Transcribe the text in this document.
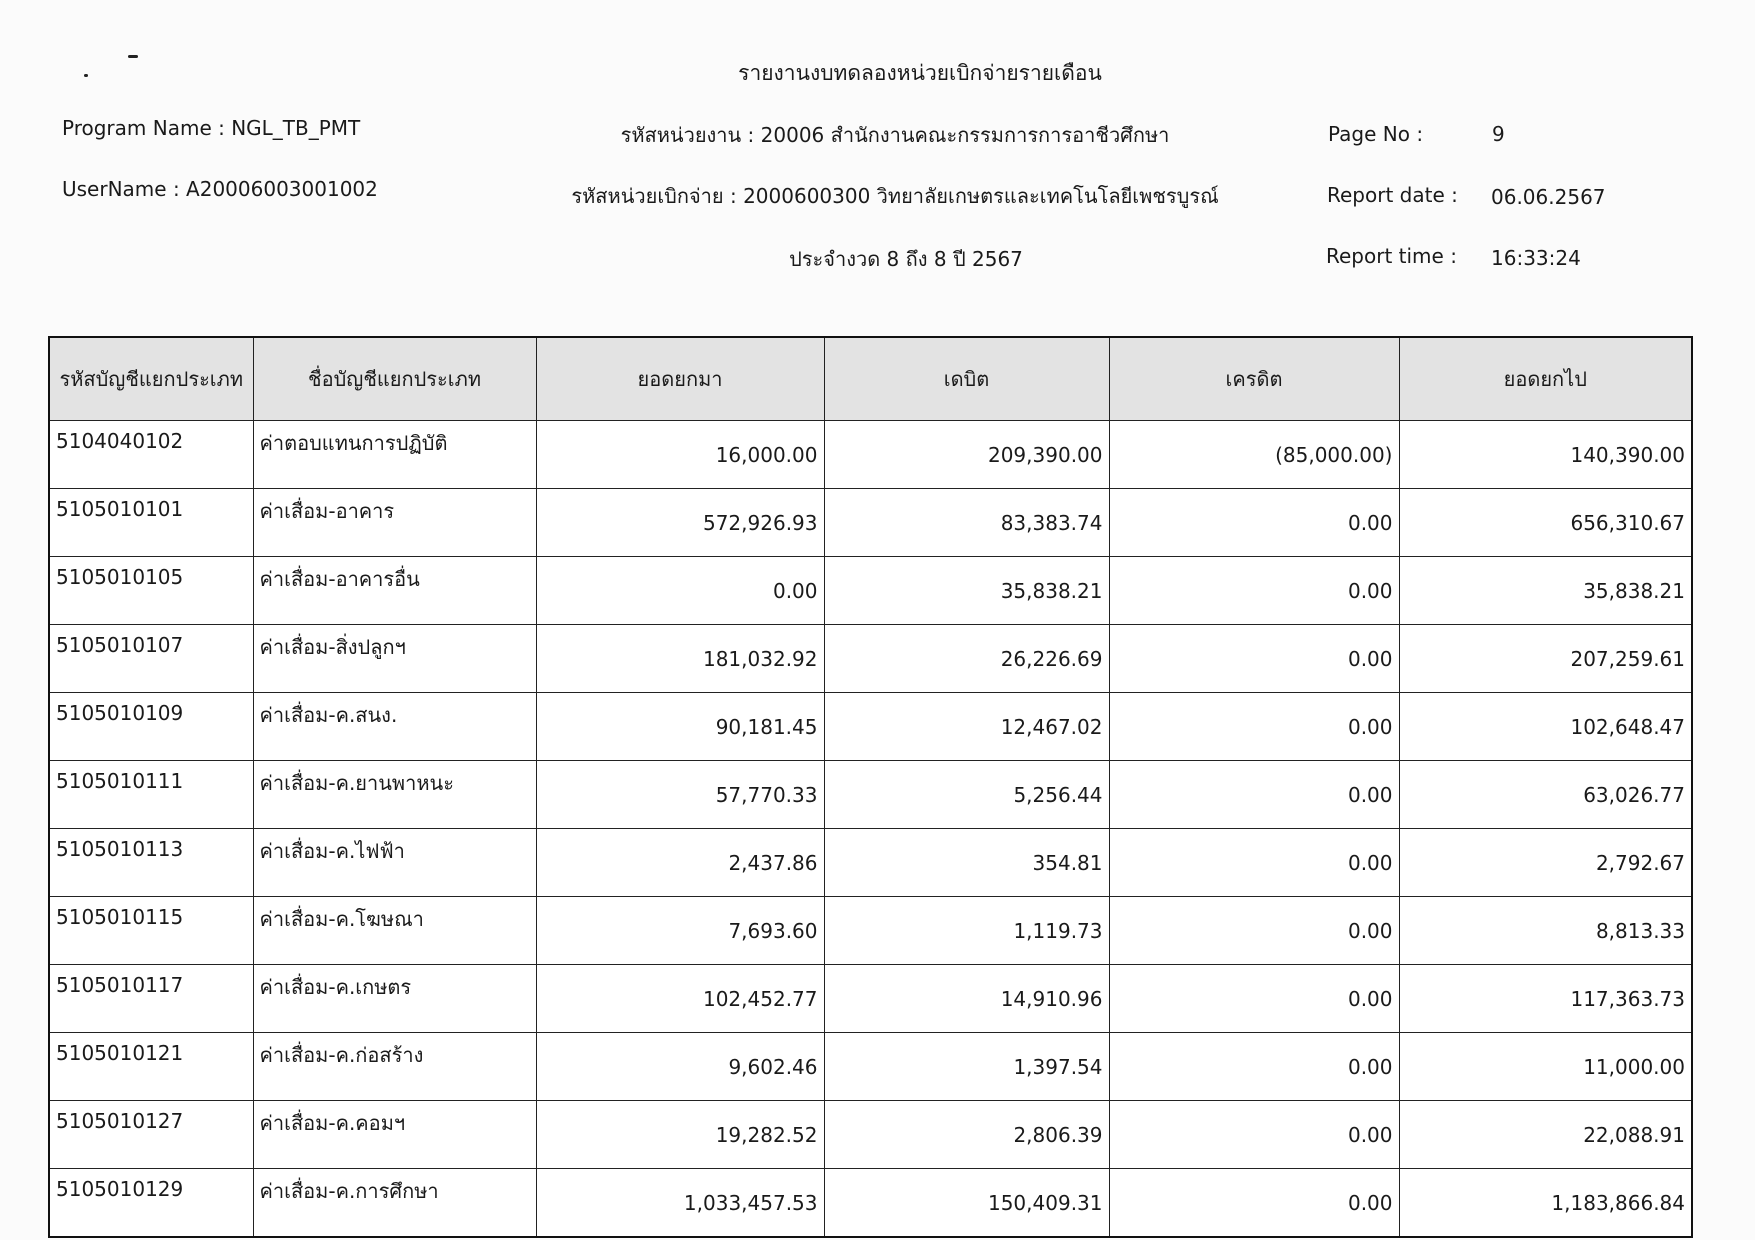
รายงานงบทดลองหน่วยเบิกจ่ายรายเดือน
Program Name : NGL_TB_PMT	รหัสหน่วยงาน : 20006 สำนักงานคณะกรรมการการอาชีวศึกษา	Page No :	9
UserName : A20006003001002	รหัสหน่วยเบิกจ่าย : 2000600300 วิทยาลัยเกษตรและเทคโนโลยีเพชรบูรณ์	Report date : 06.06.2567
ประจำงวด 8 ถึง 8 ปี 2567	Report time : 16:33:24
รหัสบัญชีแยกประเภท	ชื่อบัญชีแยกประเภท	ยอดยกมา	เดบิต	เครดิต	ยอดยกไป
5104040102	ค่าตอบแทนการปฏิบัติ	16,000.00	209,390.00	(85,000.00)	140,390.00
5105010101	ค่าเสื่อม-อาคาร	572,926.93	83,383.74	0.00	656,310.67
5105010105	ค่าเสื่อม-อาคารอื่น	0.00	35,838.21	0.00	35,838.21
5105010107	ค่าเสื่อม-สิ่งปลูกฯ	181,032.92	26,226.69	0.00	207,259.61
5105010109	ค่าเสื่อม-ค.สนง.	90,181.45	12,467.02	0.00	102,648.47
5105010111	ค่าเสื่อม-ค.ยานพาหนะ	57,770.33	5,256.44	0.00	63,026.77
5105010113	ค่าเสื่อม-ค.ไฟฟ้า	2,437.86	354.81	0.00	2,792.67
5105010115	ค่าเสื่อม-ค.โฆษณา	7,693.60	1,119.73	0.00	8,813.33
5105010117	ค่าเสื่อม-ค.เกษตร	102,452.77	14,910.96	0.00	117,363.73
5105010121	ค่าเสื่อม-ค.ก่อสร้าง	9,602.46	1,397.54	0.00	11,000.00
5105010127	ค่าเสื่อม-ค.คอมฯ	19,282.52	2,806.39	0.00	22,088.91
5105010129	ค่าเสื่อม-ค.การศึกษา	1,033,457.53	150,409.31	0.00	1,183,866.84
